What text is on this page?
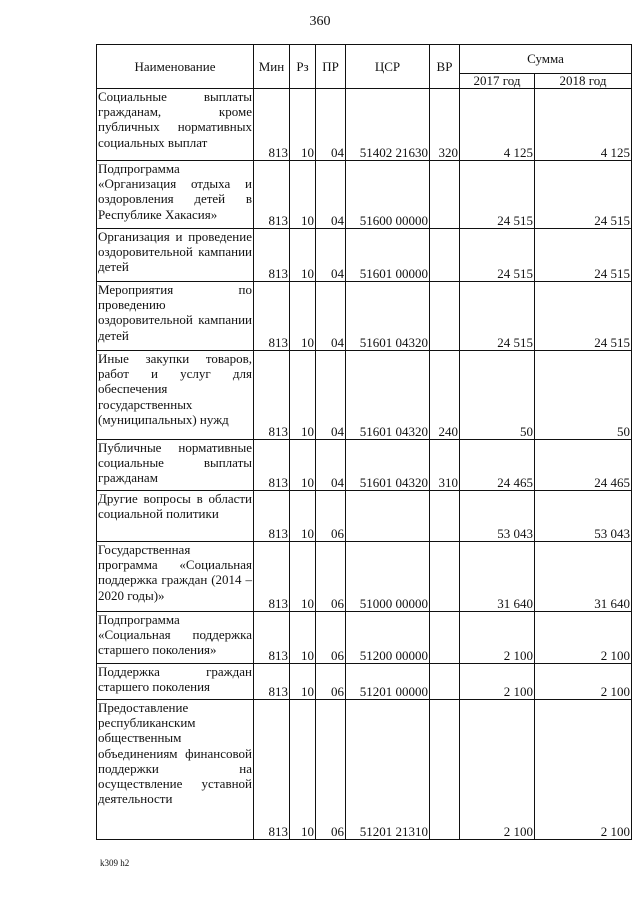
360
Наименование	Мин	Рз	ПР	ЦСР	ВР	Сумма	
						2017 год	2018 год
Социальные выплаты гражданам, кроме публичных нормативных социальных выплат	813	10	04	51402 21630	320	4 125	4 125
Подпрограмма «Организация отдыха и оздоровления детей в Республике Хакасия»	813	10	04	51600 00000		24 515	24 515
Организация и проведение оздоровительной кампании детей	813	10	04	51601 00000		24 515	24 515
Мероприятия по проведению оздоровительной кампании детей	813	10	04	51601 04320		24 515	24 515
Иные закупки товаров, работ и услуг для обеспечения государственных (муниципальных) нужд	813	10	04	51601 04320	240	50	50
Публичные нормативные социальные выплаты гражданам	813	10	04	51601 04320	310	24 465	24 465
Другие вопросы в области социальной политики	813	10	06			53 043	53 043
Государственная программа «Социальная поддержка граждан (2014 – 2020 годы)»	813	10	06	51000 00000		31 640	31 640
Подпрограмма «Социальная поддержка старшего поколения»	813	10	06	51200 00000		2 100	2 100
Поддержка граждан старшего поколения	813	10	06	51201 00000		2 100	2 100
Предоставление республиканским общественным объединениям финансовой поддержки на осуществление уставной деятельности	813	10	06	51201 21310		2 100	2 100
k309 h2
